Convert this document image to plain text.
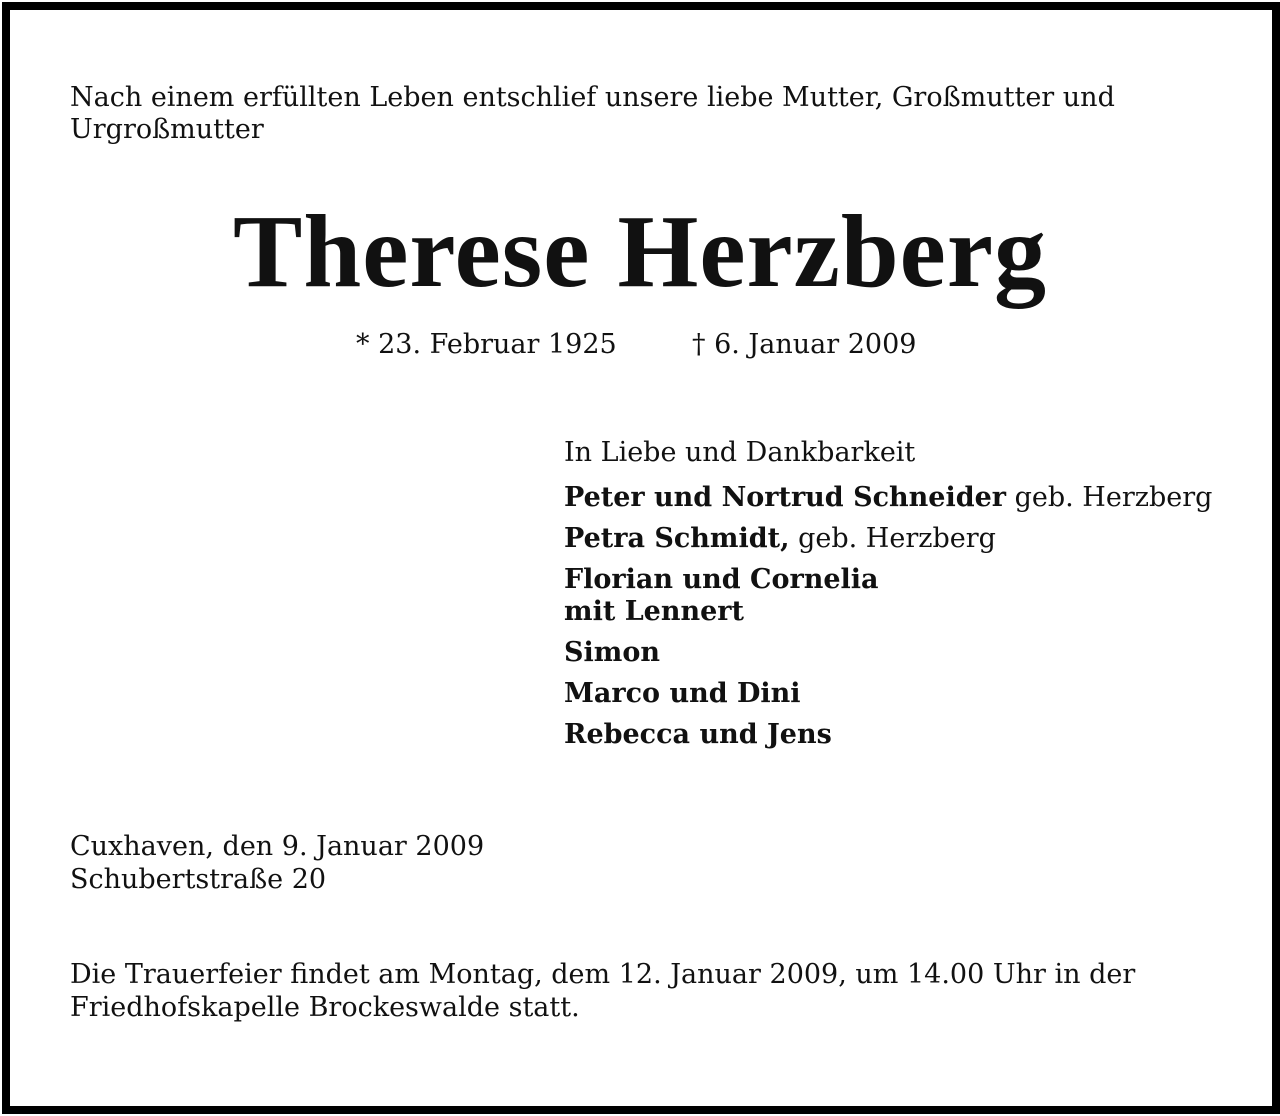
Nach einem erfüllten Leben entschlief unsere liebe Mutter, Großmutter und
Urgroßmutter
Therese Herzberg
* 23. Februar 1925	† 6. Januar 2009
In Liebe und Dankbarkeit
Peter und Nortrud Schneider geb. Herzberg
Petra Schmidt, geb. Herzberg
Florian und Cornelia
mit Lennert
Simon
Marco und Dini
Rebecca und Jens
Cuxhaven, den 9. Januar 2009
Schubertstraße 20
Die Trauerfeier findet am Montag, dem 12. Januar 2009, um 14.00 Uhr in der
Friedhofskapelle Brockeswalde statt.
